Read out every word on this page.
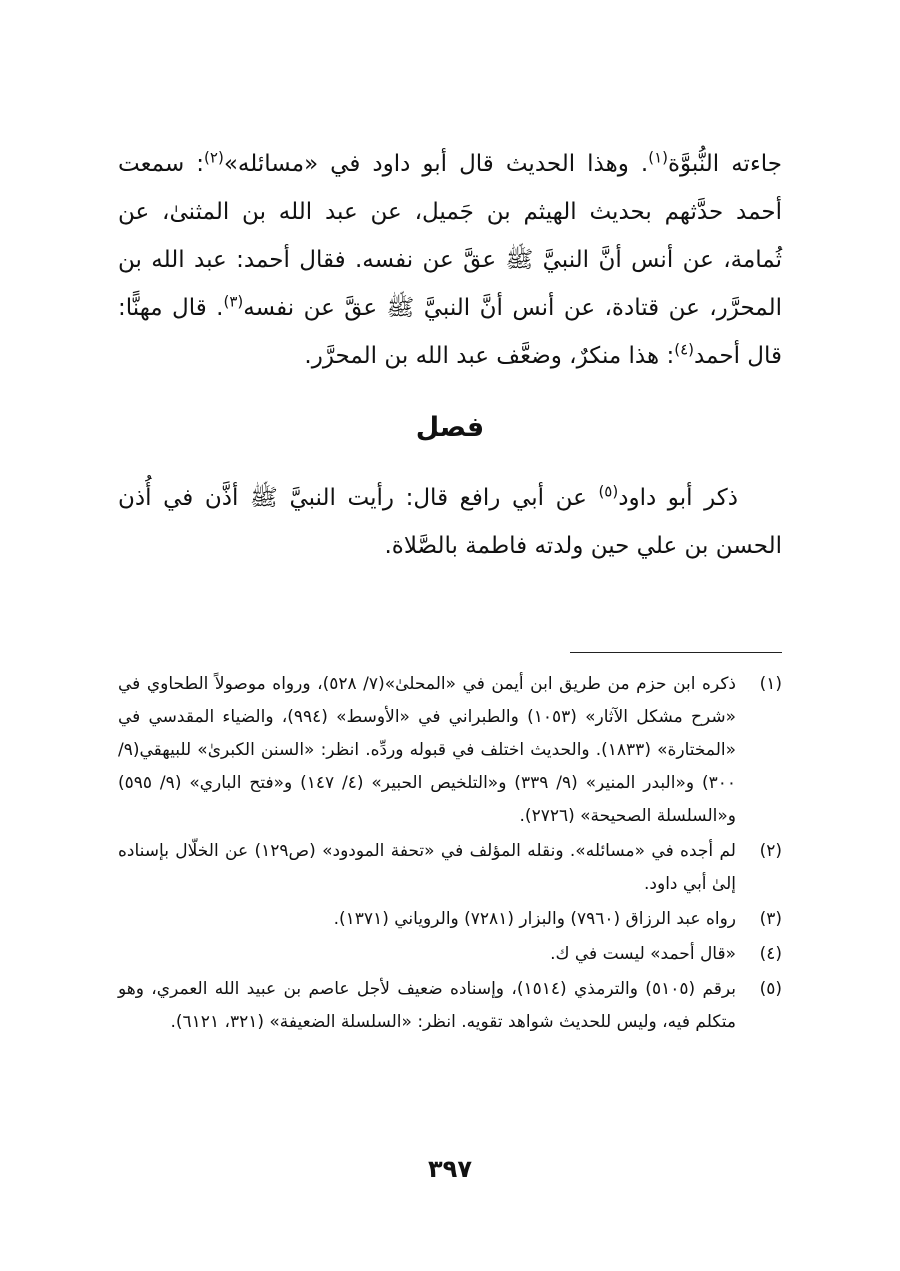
جاءته النُّبوَّة$^{(١)}$. وهذا الحديث قال أبو داود في «مسائله»$^{(٢)}$: سمعت أحمد حدَّثهم بحديث الهيثم بن جَميل، عن عبد الله بن المثنىٰ، عن ثُمامة، عن أنس أنَّ النبيَّ ﷺ عقَّ عن نفسه. فقال أحمد: عبد الله بن المحرَّر، عن قتادة، عن أنس أنَّ النبيَّ ﷺ عقَّ عن نفسه$^{(٣)}$. قال مهنًّا: قال أحمد$^{(٤)}$: هذا منكرٌ، وضعَّف عبد الله بن المحرَّر.

فصل

ذكر أبو داود$^{(٥)}$ عن أبي رافع قال: رأيت النبيَّ ﷺ أذَّن في أُذن الحسن بن علي حين ولدته فاطمة بالصَّلاة.

(١)
ذكره ابن حزم من طريق ابن أيمن في «المحلىٰ»(٧/ ٥٢٨)، ورواه موصولاً الطحاوي في «شرح مشكل الآثار» (١٠٥٣) والطبراني في «الأوسط» (٩٩٤)، والضياء المقدسي في «المختارة» (١٨٣٣). والحديث اختلف في قبوله وردِّه. انظر: «السنن الكبرىٰ» للبيهقي(٩/ ٣٠٠) و«البدر المنير» (٩/ ٣٣٩) و«التلخيص الحبير» (٤/ ١٤٧) و«فتح الباري» (٩/ ٥٩٥) و«السلسلة الصحيحة» (٢٧٢٦).
(٢)
لم أجده في «مسائله». ونقله المؤلف في «تحفة المودود» (ص١٢٩) عن الخلّال بإسناده إلىٰ أبي داود.
(٣)
رواه عبد الرزاق (٧٩٦٠) والبزار (٧٢٨١) والروياني (١٣٧١).
(٤)
«قال أحمد» ليست في ك.
(٥)
برقم (٥١٠٥) والترمذي (١٥١٤)، وإسناده ضعيف لأجل عاصم بن عبيد الله العمري، وهو متكلم فيه، وليس للحديث شواهد تقويه. انظر: «السلسلة الضعيفة» (٣٢١، ٦١٢١).
٣٩٧
